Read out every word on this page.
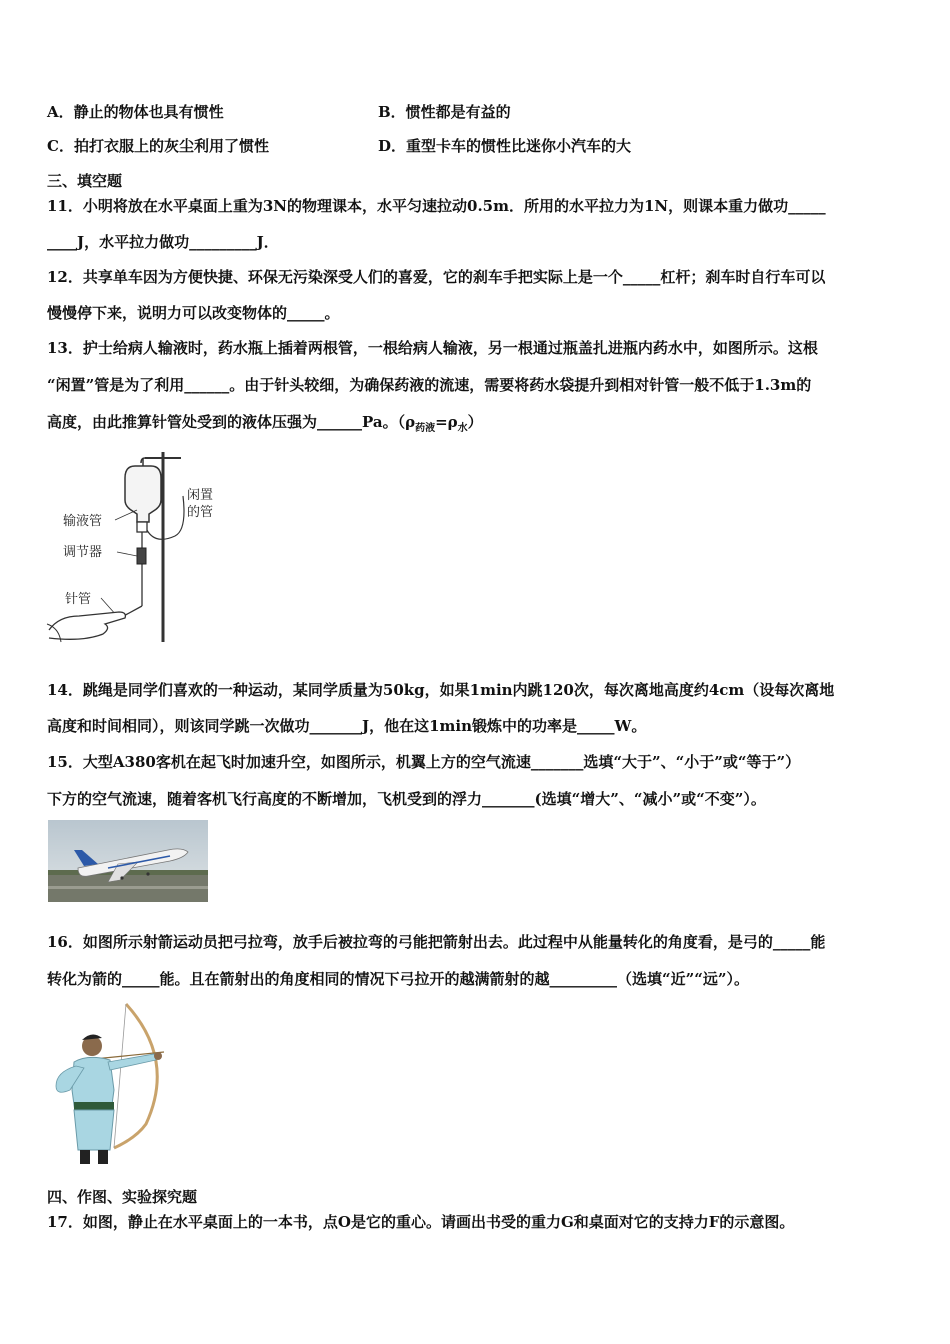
A．静止的物体也具有惯性	B．惯性都是有益的
C．拍打衣服上的灰尘利用了惯性	D．重型卡车的惯性比迷你小汽车的大
三、填空题
11．小明将放在水平桌面上重为3N的物理课本，水平匀速拉动0.5m．所用的水平拉力为1N，则课本重力做功_____
____J，水平拉力做功_________J．
12．共享单车因为方便快捷、环保无污染深受人们的喜爱，它的刹车手把实际上是一个_____杠杆；刹车时自行车可以
慢慢停下来，说明力可以改变物体的_____。
13．护士给病人输液时，药水瓶上插着两根管，一根给病人输液，另一根通过瓶盖扎进瓶内药水中，如图所示。这根
“闲置”管是为了利用______。由于针头较细，为确保药液的流速，需要将药水袋提升到相对针管一般不低于1.3m的
高度，由此推算针管处受到的液体压强为______Pa。$(\rho_{药液}=\rho_水)$
闲置
的管
输液管
调节器
针管
14．跳绳是同学们喜欢的一种运动，某同学质量为50kg，如果1min内跳120次，每次离地高度约4cm（设每次离地
高度和时间相同），则该同学跳一次做功_______J，他在这1min锻炼中的功率是_____W。
15．大型A380客机在起飞时加速升空，如图所示，机翼上方的空气流速_______选填“大于”、“小于”或“等于”）
下方的空气流速，随着客机飞行高度的不断增加，飞机受到的浮力_______(选填“增大”、“减小”或“不变”）。
16．如图所示射箭运动员把弓拉弯，放手后被拉弯的弓能把箭射出去。此过程中从能量转化的角度看，是弓的_____能
转化为箭的_____能。且在箭射出的角度相同的情况下弓拉开的越满箭射的越_________（选填“近”“远”）。
四、作图、实验探究题
17．如图，静止在水平桌面上的一本书，点O是它的重心。请画出书受的重力G和桌面对它的支持力F的示意图。
